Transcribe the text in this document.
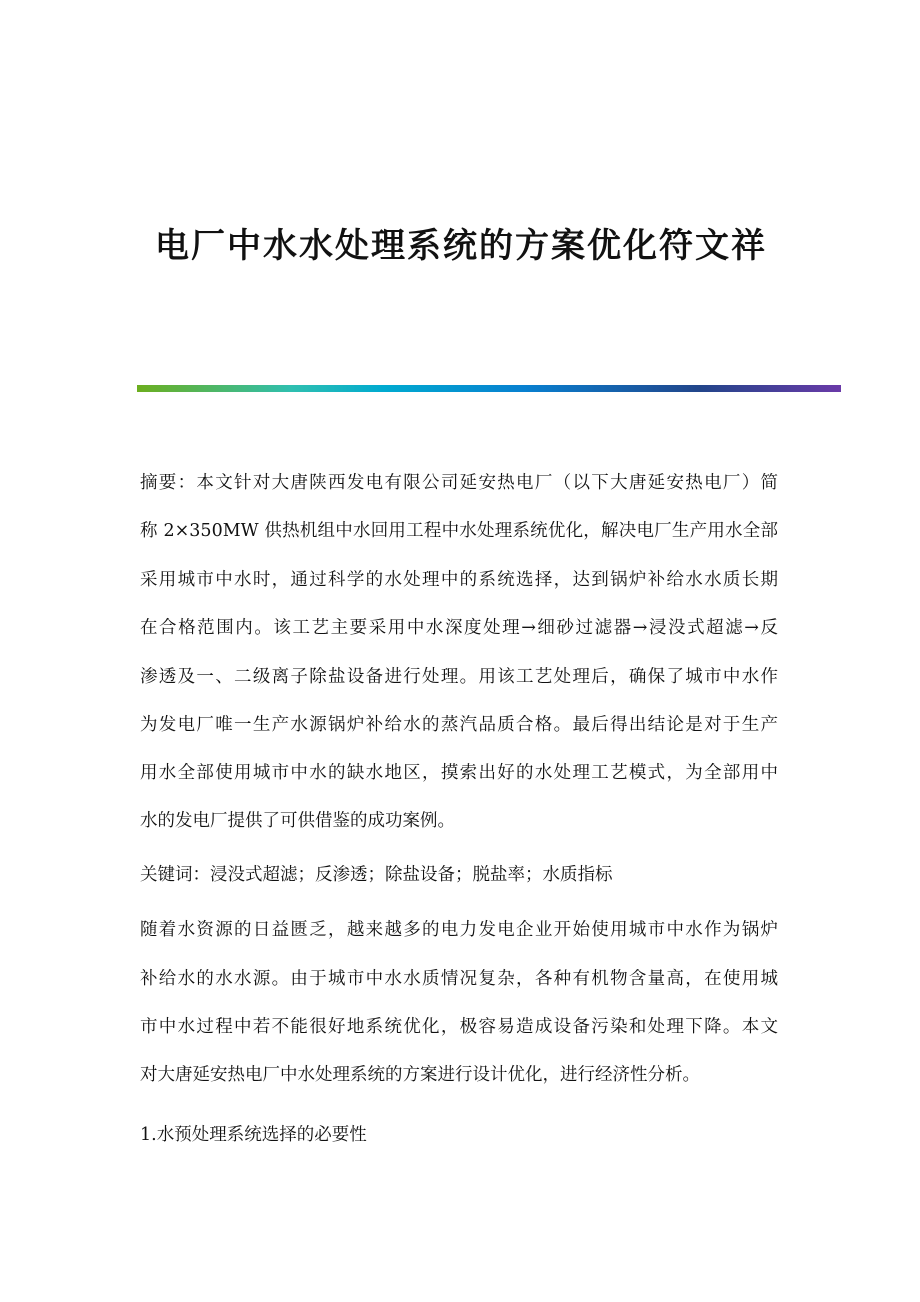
电厂中水水处理系统的方案优化符文祥
摘要：本文针对大唐陕西发电有限公司延安热电厂（以下大唐延安热电厂）简
称 2×350MW 供热机组中水回用工程中水处理系统优化，解决电厂生产用水全部
采用城市中水时，通过科学的水处理中的系统选择，达到锅炉补给水水质长期
在合格范围内。该工艺主要采用中水深度处理→细砂过滤器→浸没式超滤→反
渗透及一、二级离子除盐设备进行处理。用该工艺处理后，确保了城市中水作
为发电厂唯一生产水源锅炉补给水的蒸汽品质合格。最后得出结论是对于生产
用水全部使用城市中水的缺水地区，摸索出好的水处理工艺模式，为全部用中
水的发电厂提供了可供借鉴的成功案例。
关键词：浸没式超滤；反渗透；除盐设备；脱盐率；水质指标
随着水资源的日益匮乏，越来越多的电力发电企业开始使用城市中水作为锅炉
补给水的水水源。由于城市中水水质情况复杂，各种有机物含量高，在使用城
市中水过程中若不能很好地系统优化，极容易造成设备污染和处理下降。本文
对大唐延安热电厂中水处理系统的方案进行设计优化，进行经济性分析。
1.水预处理系统选择的必要性
